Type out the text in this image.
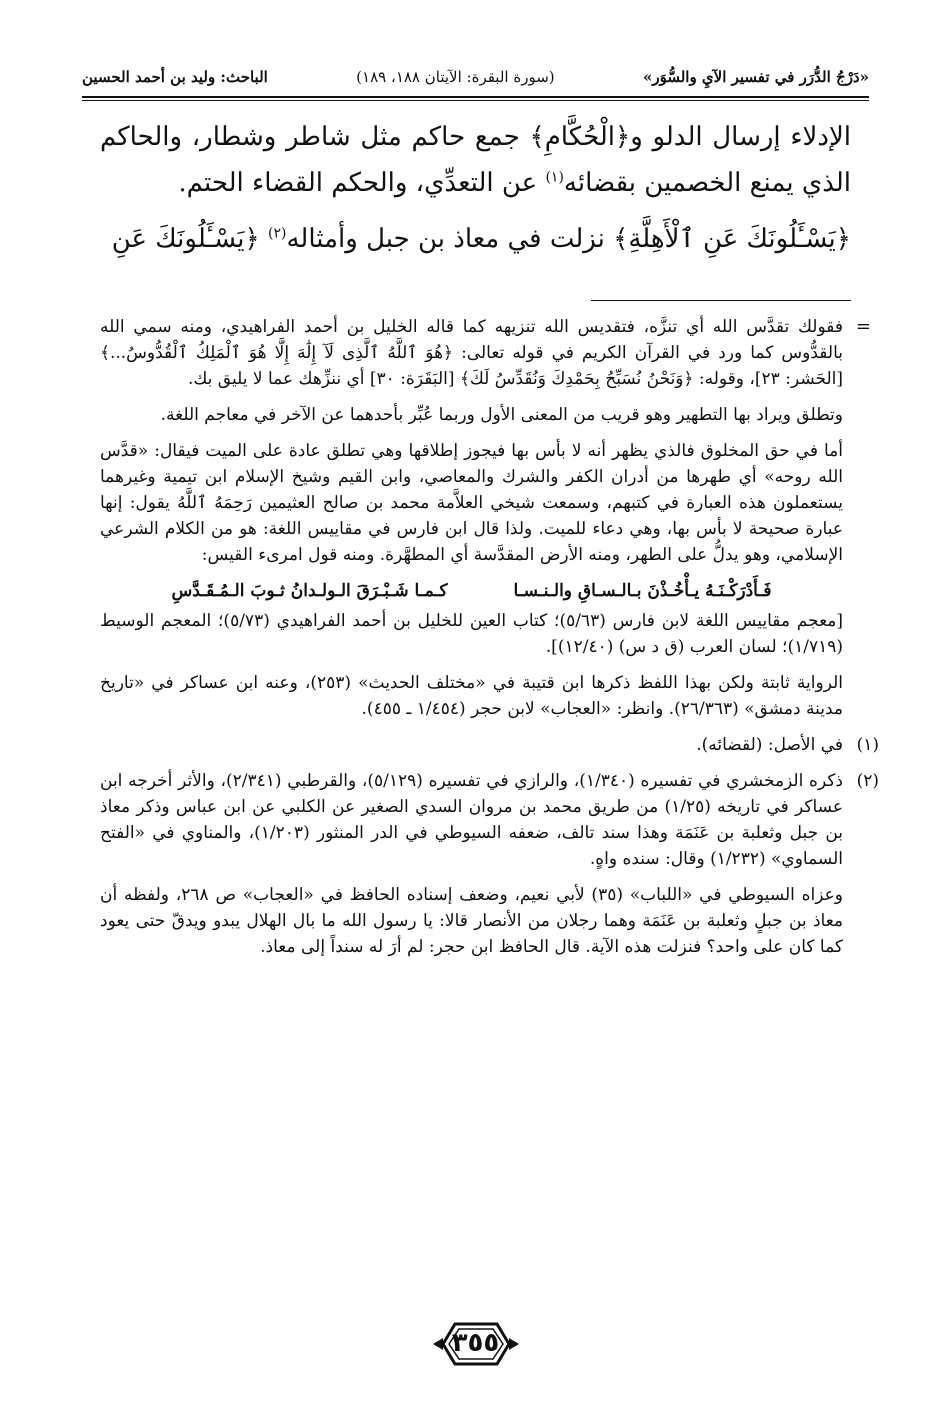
«دَرْجُ الدُّرَر في تفسير الآيِ والسُّوَر»
(سورة البقرة: الآيتان ١٨٨، ١٨٩)
الباحث: وليد بن أحمد الحسين

الإدلاء إرسال الدلو و﴿الْحُكَّامِ﴾ جمع حاكم مثل شاطر وشطار، والحاكم الذي يمنع الخصمين بقضائه$^{(١)}$ عن التعدِّي، والحكم القضاء الحتم.

﴿يَسْـَٔلُونَكَ عَنِ ٱلْأَهِلَّةِ﴾ نزلت في معاذ بن جبل وأمثاله$^{(٢)}$ ﴿يَسْـَٔلُونَكَ عَنِ

=

فقولك تقدَّس الله أي تنزَّه، فتقديس الله تنزيهه كما قاله الخليل بن أحمد الفراهيدي، ومنه سمي الله بالقدُّوس كما ورد في القرآن الكريم في قوله تعالى: ﴿هُوَ ٱللَّهُ ٱلَّذِى لَآ إِلَٰهَ إِلَّا هُوَ ٱلْمَلِكُ ٱلْقُدُّوسُ...﴾ [الحَشر: ٢٣]، وقوله: ﴿وَنَحْنُ نُسَبِّحُ بِحَمْدِكَ وَنُقَدِّسُ لَكَ﴾ [البَقَرَة: ٣٠] أي ننزِّهك عما لا يليق بك.

وتطلق ويراد بها التطهير وهو قريب من المعنى الأول وربما عُبِّر بأحدهما عن الآخر في معاجم اللغة.

أما في حق المخلوق فالذي يظهر أنه لا بأس بها فيجوز إطلاقها وهي تطلق عادة على الميت فيقال: «قدَّس الله روحه» أي طهرها من أدران الكفر والشرك والمعاصي، وابن القيم وشيخ الإسلام ابن تيمية وغيرهما يستعملون هذه العبارة في كتبهم، وسمعت شيخي العلاَّمة محمد بن صالح العثيمين رَحِمَهُ ٱللَّهُ يقول: إنها عبارة صحيحة لا بأس بها، وهي دعاء للميت. ولذا قال ابن فارس في مقاييس اللغة: هو من الكلام الشرعي الإسلامي، وهو يدلُّ على الطهر، ومنه الأرض المقدَّسة أي المطهَّرة. ومنه قول امرىء القيس:

فَـأَدْرَكْـنَـهُ يـأْخُـذْنَ بـالـسـاقِ والـنـسـا كـمـا شَـبْـرَقَ الـولـدانُ ثـوبَ الـمُـقَـدَّسِ

[معجم مقاييس اللغة لابن فارس (٥/٦٣)؛ كتاب العين للخليل بن أحمد الفراهيدي (٥/٧٣)؛ المعجم الوسيط (١/٧١٩)؛ لسان العرب (ق د س) (١٢/٤٠)].

الرواية ثابتة ولكن بهذا اللفظ ذكرها ابن قتيبة في «مختلف الحديث» (٢٥٣)، وعنه ابن عساكر في «تاريخ مدينة دمشق» (٢٦/٣٦٣). وانظر: «العجاب» لابن حجر (١/٤٥٤ ـ ٤٥٥).

(١)
في الأصل: (لقضائه).

(٢)
ذكره الزمخشري في تفسيره (١/٣٤٠)، والرازي في تفسيره (٥/١٢٩)، والقرطبي (٢/٣٤١)، والأثر أخرجه ابن عساكر في تاريخه (١/٢٥) من طريق محمد بن مروان السدي الصغير عن الكلبي عن ابن عباس وذكر معاذ بن جبل وثعلبة بن عَنَمَة وهذا سند تالف، ضعفه السيوطي في الدر المنثور (١/٢٠٣)، والمناوي في «الفتح السماوي» (١/٢٣٢) وقال: سنده واهٍ.

وعزاه السيوطي في «اللباب» (٣٥) لأبي نعيم، وضعف إسناده الحافظ في «العجاب» ص ٢٦٨، ولفظه أن معاذ بن جبلٍ وثعلبة بن عَنَمَة وهما رجلان من الأنصار قالا: يا رسول الله ما بال الهلال يبدو ويدقّ حتى يعود كما كان على واحد؟ فنزلت هذه الآية. قال الحافظ ابن حجر: لم أرَ له سنداً إلى معاذ.

٣٥٥
